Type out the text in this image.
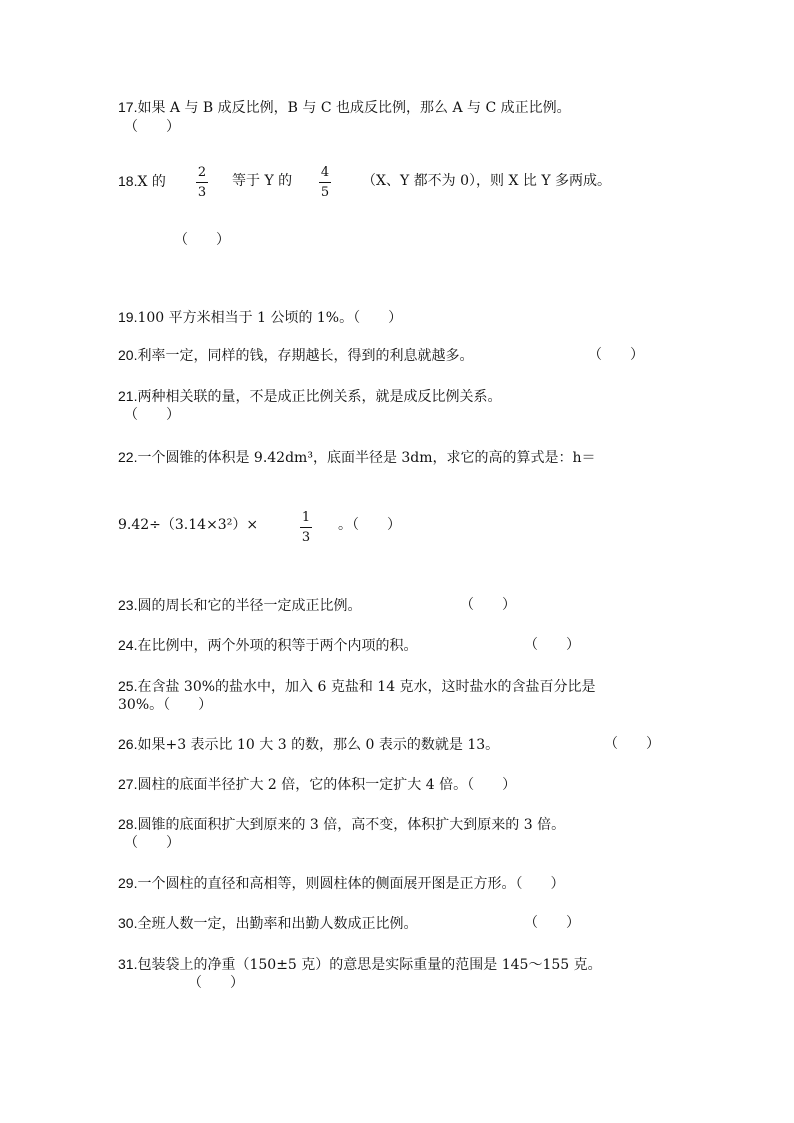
17.如果 A 与 B 成反比例，B 与 C 也成反比例，那么 A 与 C 成正比例。
（　　）
18.X 的
2
3
等于 Y 的
4
5
（X、Y 都不为 0），则 X 比 Y 多两成。
（　　）
19.100 平方米相当于 1 公顷的 1%。（　　）
20.利率一定，同样的钱，存期越长，得到的利息就越多。	（　　）
21.两种相关联的量，不是成正比例关系，就是成反比例关系。
（　　）
22.一个圆锥的体积是 9.42dm³，底面半径是 3dm，求它的高的算式是：h＝
9.42÷（3.14×3²）×	1
3
。（　　）
23.圆的周长和它的半径一定成正比例。	（　　）
24.在比例中，两个外项的积等于两个内项的积。	（　　）
25.在含盐 30%的盐水中，加入 6 克盐和 14 克水，这时盐水的含盐百分比是
30%。（　　）
26.如果+3 表示比 10 大 3 的数，那么 0 表示的数就是 13。	（　　）
27.圆柱的底面半径扩大 2 倍，它的体积一定扩大 4 倍。（　　）
28.圆锥的底面积扩大到原来的 3 倍，高不变，体积扩大到原来的 3 倍。
（　　）
29.一个圆柱的直径和高相等，则圆柱体的侧面展开图是正方形。（　　）
30.全班人数一定，出勤率和出勤人数成正比例。	（　　）
31.包装袋上的净重（150±5 克）的意思是实际重量的范围是 145～155 克。
（　　）
